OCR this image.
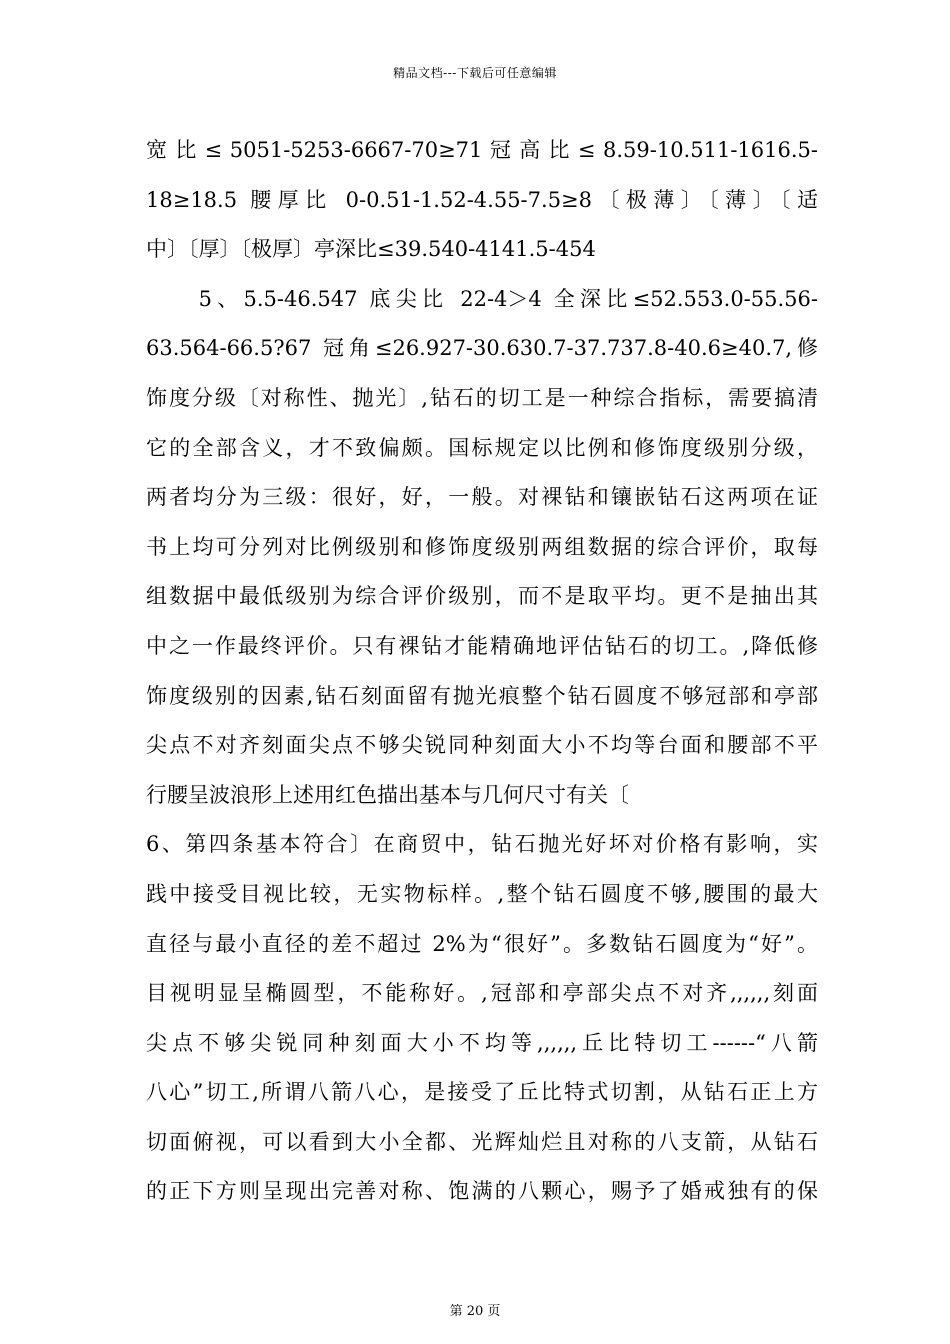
精品文档---下载后可任意编辑
宽 比 ≤ 5051-5253-6667-70≥71 冠 高 比 ≤ 8.59-10.511-1616.5-
18≥18.5 腰厚比 0-0.51-1.52-4.55-7.5≥8〔极薄〕〔薄〕〔适
中〕〔厚〕〔极厚〕亭深比≤39.540-4141.5-454
　　5、5.5-46.547 底尖比 22-4＞4 全深比≤52.553.0-55.56-
63.564-66.5?67 冠角≤26.927-30.630.7-37.737.8-40.6≥40.7,修
饰度分级〔对称性、抛光〕,钻石的切工是一种综合指标，需要搞清
它的全部含义，才不致偏颇。国标规定以比例和修饰度级别分级，
两者均分为三级：很好，好，一般。对裸钻和镶嵌钻石这两项在证
书上均可分列对比例级别和修饰度级别两组数据的综合评价，取每
组数据中最低级别为综合评价级别，而不是取平均。更不是抽出其
中之一作最终评价。只有裸钻才能精确地评估钻石的切工。,降低修
饰度级别的因素,钻石刻面留有抛光痕整个钻石圆度不够冠部和亭部
尖点不对齐刻面尖点不够尖锐同种刻面大小不均等台面和腰部不平
行腰呈波浪形上述用红色描出基本与几何尺寸有关〔
6、第四条基本符合〕在商贸中，钻石抛光好坏对价格有影响，实
践中接受目视比较，无实物标样。,整个钻石圆度不够,腰围的最大
直径与最小直径的差不超过 2%为“很好”。多数钻石圆度为“好”。
目视明显呈椭圆型，不能称好。,冠部和亭部尖点不对齐,,,,,,刻面
尖点不够尖锐同种刻面大小不均等,,,,,,丘比特切工------“八箭
八心”切工,所谓八箭八心，是接受了丘比特式切割，从钻石正上方
切面俯视，可以看到大小全都、光辉灿烂且对称的八支箭，从钻石
的正下方则呈现出完善对称、饱满的八颗心，赐予了婚戒独有的保
第 20 页
